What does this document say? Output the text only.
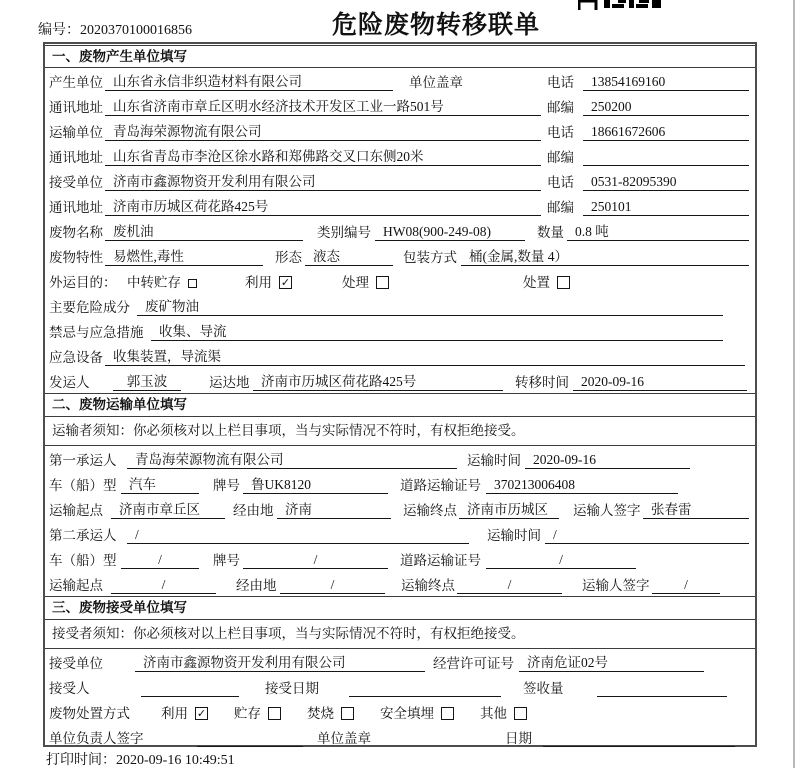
编号：2020370100016856	危险废物转移联单
一、废物产生单位填写
产生单位 山东省永信非织造材料有限公司	单位盖章	电话	13854169160
通讯地址 山东省济南市章丘区明水经济技术开发区工业一路501号	邮编	250200
运输单位 青岛海荣源物流有限公司	电话	18661672606
通讯地址 山东省青岛市李沧区徐水路和郑佛路交叉口东侧20米	邮编
接受单位 济南市鑫源物资开发利用有限公司	电话	0531-82095390
通讯地址 济南市历城区荷花路425号	邮编	250101
废物名称 废机油	类别编号 HW08(900-249-08)	数量 0.8 吨
废物特性 易燃性,毒性	形态 液态	包装方式 桶(金属,数量 4）
外运目的： 中转贮存	利用 ✓	处理	处置
主要危险成分	废矿物油
禁忌与应急措施	收集、导流
应急设备 收集装置，导流渠
发运人	郭玉波	运达地 济南市历城区荷花路425号	转移时间 2020-09-16
二、废物运输单位填写
运输者须知：你必须核对以上栏目事项，当与实际情况不符时，有权拒绝接受。
第一承运人	青岛海荣源物流有限公司	运输时间 2020-09-16
车（船）型 汽车	牌号 鲁UK8120	道路运输证号 370213006408
运输起点	济南市章丘区	经由地 济南	运输终点 济南市历城区	运输人签字 张春雷
第二承运人	/	运输时间 /
车（船）型	/	牌号	/	道路运输证号	/
运输起点	/	经由地	/	运输终点	/	运输人签字	/
三、废物接受单位填写
接受者须知：你必须核对以上栏目事项，当与实际情况不符时，有权拒绝接受。
接受单位	济南市鑫源物资开发利用有限公司	经营许可证号 济南危证02号
接受人	接受日期	签收量
废物处置方式	利用 ✓ 贮存	焚烧	安全填埋	其他
单位负责人签字	单位盖章	日期
打印时间：2020-09-16 10:49:51
